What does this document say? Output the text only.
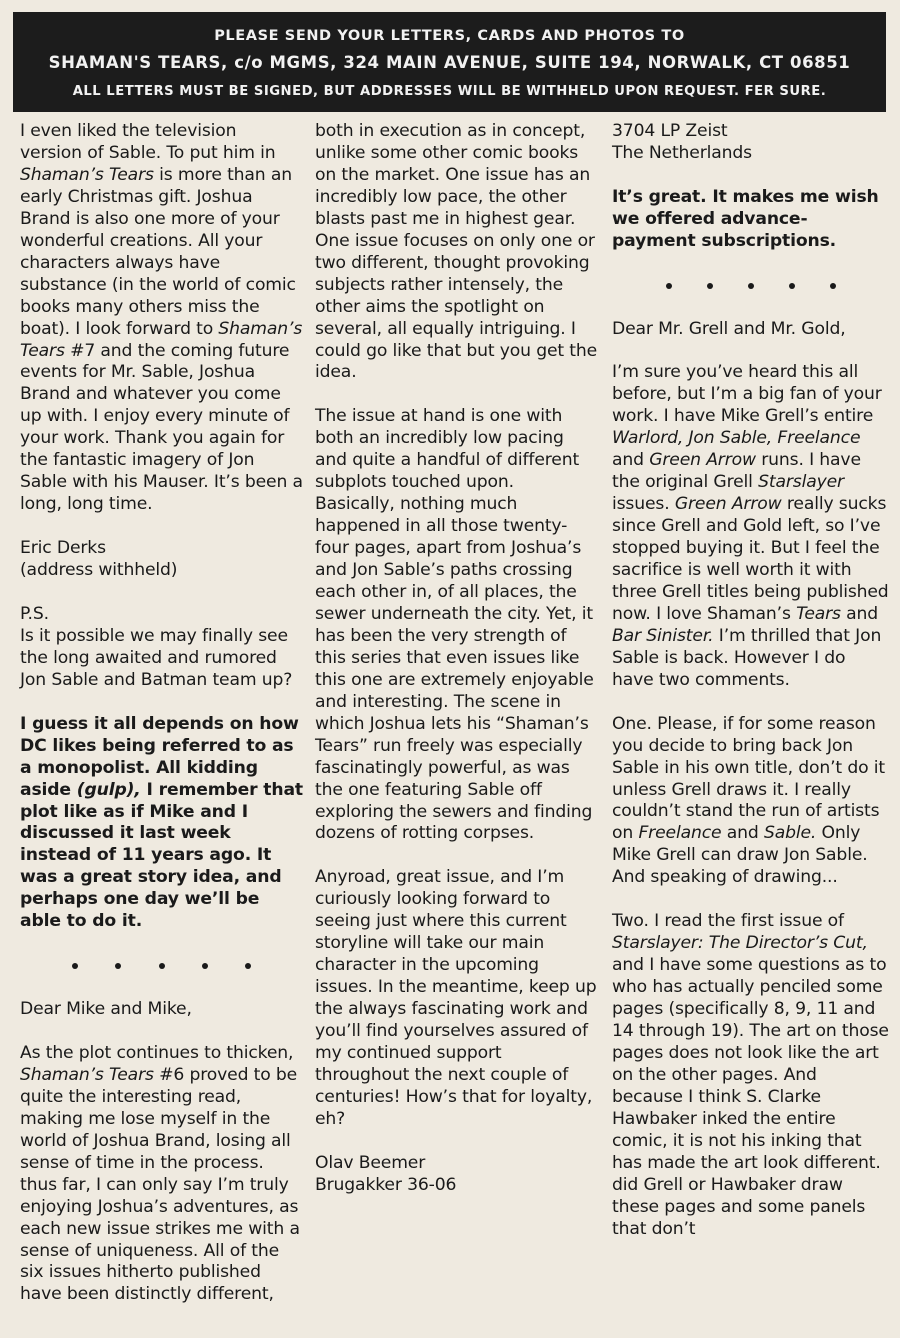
PLEASE SEND YOUR LETTERS, CARDS AND PHOTOS TO
SHAMAN'S TEARS, c/o MGMS, 324 MAIN AVENUE, SUITE 194, NORWALK, CT 06851
ALL LETTERS MUST BE SIGNED, BUT ADDRESSES WILL BE WITHHELD UPON REQUEST. FER SURE.

I even liked the television version of Sable. To put him in Shaman’s Tears is more than an early Christmas gift. Joshua Brand is also one more of your wonderful creations. All your characters always have substance (in the world of comic books many others miss the boat). I look forward to Shaman’s Tears #7 and the coming future events for Mr. Sable, Joshua Brand and whatever you come up with. I enjoy every minute of your work. Thank you again for the fantastic imagery of Jon Sable with his Mauser. It’s been a long, long time.

Eric Derks
(address withheld)

P.S.
Is it possible we may finally see the long awaited and rumored Jon Sable and Batman team up?

I guess it all depends on how DC likes being referred to as a monopolist. All kidding aside (gulp), I remember that plot like as if Mike and I discussed it last week instead of 11 years ago. It was a great story idea, and perhaps one day we’ll be able to do it.

Dear Mike and Mike,

As the plot continues to thicken, Shaman’s Tears #6 proved to be quite the interesting read, making me lose myself in the world of Joshua Brand, losing all sense of time in the process. thus far, I can only say I’m truly enjoying Joshua’s adventures, as each new issue strikes me with a sense of uniqueness. All of the six issues hitherto published have been distinctly different,

3704 LP Zeist
The Netherlands

It’s great. It makes me wish we offered advance-payment subscriptions.

Dear Mr. Grell and Mr. Gold,

I’m sure you’ve heard this all before, but I’m a big fan of your work. I have Mike Grell’s entire Warlord, Jon Sable, Freelance and Green Arrow runs. I have the original Grell Starslayer issues. Green Arrow really sucks since Grell and Gold left, so I’ve stopped buying it. But I feel the sacrifice is well worth it with three Grell titles being published now. I love Shaman’s Tears and Bar Sinister. I’m thrilled that Jon Sable is back. However I do have two comments.

One. Please, if for some reason you decide to bring back Jon Sable in his own title, don’t do it unless Grell draws it. I really couldn’t stand the run of artists on Freelance and Sable. Only Mike Grell can draw Jon Sable. And speaking of drawing...

Two. I read the first issue of Starslayer: The Director’s Cut, and I have some questions as to who has actually penciled some pages (specifically 8, 9, 11 and 14 through 19). The art on those pages does not look like the art on the other pages. And because I think S. Clarke Hawbaker inked the entire comic, it is not his inking that has made the art look different. did Grell or Hawbaker draw these pages and some panels that don’t

both in execution as in concept, unlike some other comic books on the market. One issue has an incredibly low pace, the other blasts past me in highest gear. One issue focuses on only one or two different, thought provoking subjects rather intensely, the other aims the spotlight on several, all equally intriguing. I could go like that but you get the idea.

The issue at hand is one with both an incredibly low pacing and quite a handful of different subplots touched upon. Basically, nothing much happened in all those twenty-four pages, apart from Joshua’s and Jon Sable’s paths crossing each other in, of all places, the sewer underneath the city. Yet, it has been the very strength of this series that even issues like this one are extremely enjoyable and interesting. The scene in which Joshua lets his “Shaman’s Tears” run freely was especially fascinatingly powerful, as was the one featuring Sable off exploring the sewers and finding dozens of rotting corpses.

Anyroad, great issue, and I’m curiously looking forward to seeing just where this current storyline will take our main character in the upcoming issues. In the meantime, keep up the always fascinating work and you’ll find yourselves assured of my continued support throughout the next couple of centuries! How’s that for loyalty, eh?

Olav Beemer
Brugakker 36-06
